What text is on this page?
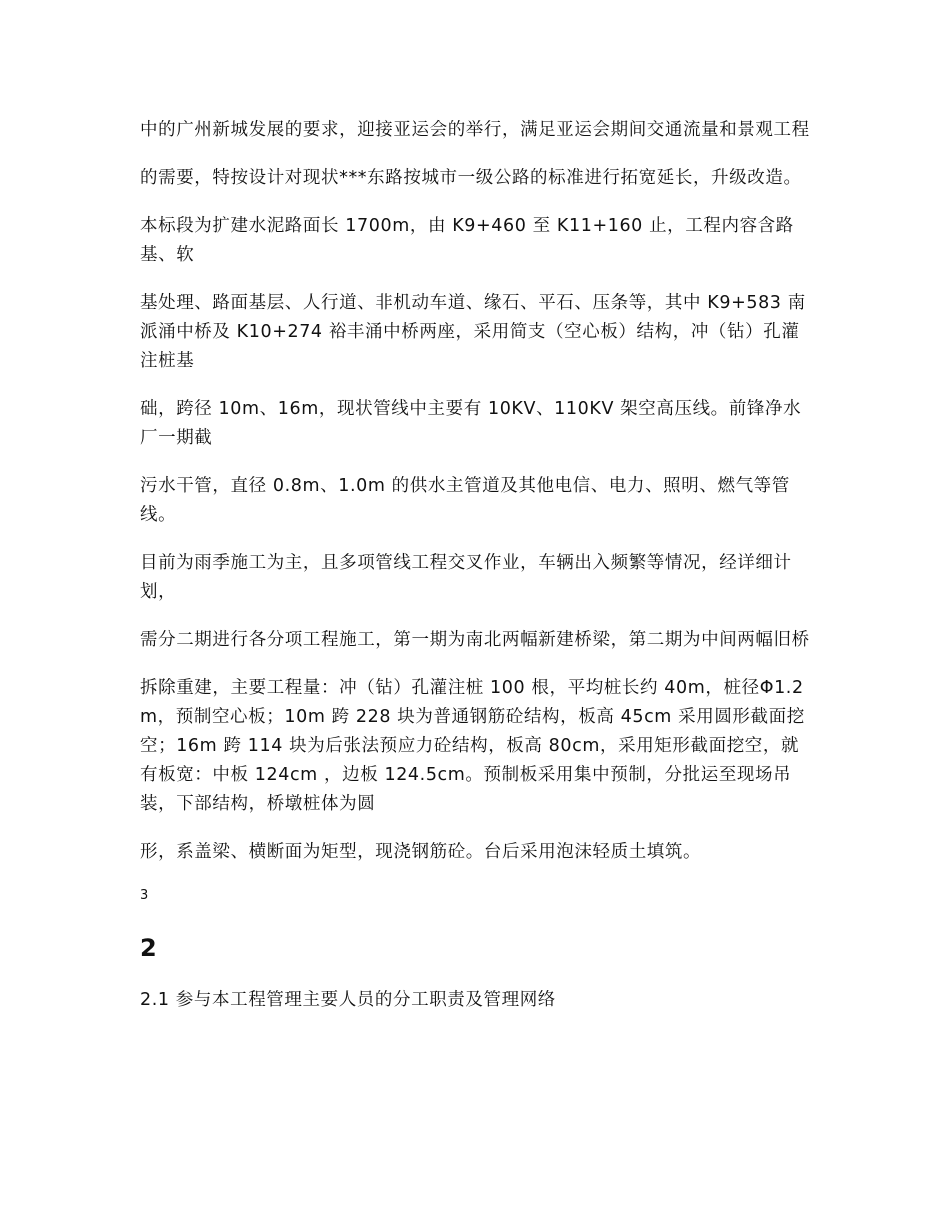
中的广州新城发展的要求，迎接亚运会的举行，满足亚运会期间交通流量和景观工程

的需要，特按设计对现状***东路按城市一级公路的标准进行拓宽延长，升级改造。

本标段为扩建水泥路面长 1700m，由 K9+460 至 K11+160 止，工程内容含路基、软

基处理、路面基层、人行道、非机动车道、缘石、平石、压条等，其中 K9+583 南派涌中桥及 K10+274 裕丰涌中桥两座，采用简支（空心板）结构，冲（钻）孔灌注桩基

础，跨径 10m、16m，现状管线中主要有 10KV、110KV 架空高压线。前锋净水厂一期截

污水干管，直径 0.8m、1.0m 的供水主管道及其他电信、电力、照明、燃气等管线。

目前为雨季施工为主，且多项管线工程交叉作业，车辆出入频繁等情况，经详细计划，

需分二期进行各分项工程施工，第一期为南北两幅新建桥梁，第二期为中间两幅旧桥

拆除重建，主要工程量：冲（钻）孔灌注桩 100 根，平均桩长约 40m，桩径Φ1.2m，预制空心板；10m 跨 228 块为普通钢筋砼结构，板高 45cm 采用圆形截面挖空；16m 跨 114 块为后张法预应力砼结构，板高 80cm，采用矩形截面挖空，就有板宽：中板 124cm ，边板 124.5cm。预制板采用集中预制，分批运至现场吊装，下部结构，桥墩桩体为圆

形，系盖梁、横断面为矩型，现浇钢筋砼。台后采用泡沫轻质土填筑。

3
2
2.1 参与本工程管理主要人员的分工职责及管理网络
